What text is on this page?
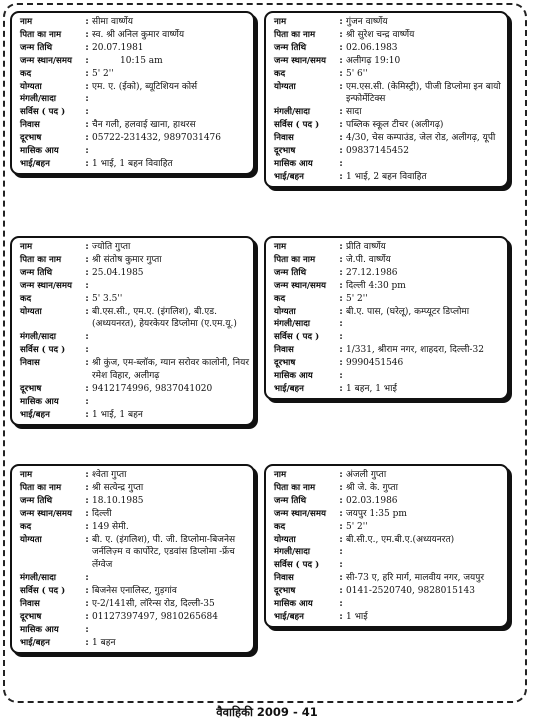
नाम	: सीमा वार्ष्णेय
पिता का नाम	: स्व. श्री अनिल कुमार वार्ष्णेय
जन्म तिथि	: 20.07.1981
जन्म स्थान/समय	:	10:15 am
कद	: 5' 2''
योग्यता	: एम. ए. (ईको), ब्यूटिशियन कोर्स
मंगली/सादा	:
सर्विस ( पद )	:
निवास	: चैन गली, हलवाई खाना, हाथरस
दूरभाष	: 05722-231432, 9897031476
मासिक आय	:
भाई/बहन	: 1 भाई, 1 बहन विवाहित
नाम	: गुंजन वार्ष्णेय
पिता का नाम	: श्री सुरेश चन्द्र वार्ष्णेय
जन्म तिथि	: 02.06.1983
जन्म स्थान/समय	: अलीगढ़ 19:10
कद	: 5' 6''
योग्यता	: एम.एस.सी. (केमिस्ट्री), पीजी डिप्लोमा इन बायो इन्फोर्मेटिक्स
मंगली/सादा	: सादा
सर्विस ( पद )	: पब्लिक स्कूल टीचर (अलीगढ़)
निवास	: 4/30, चेस कम्पाउंड, जेल रोड, अलीगढ़, यूपी
दूरभाष	: 09837145452
मासिक आय	:
भाई/बहन	: 1 भाई, 2 बहन विवाहित
नाम	: ज्योति गुप्ता
पिता का नाम	: श्री संतोष कुमार गुप्ता
जन्म तिथि	: 25.04.1985
जन्म स्थान/समय	:
कद	: 5' 3.5''
योग्यता	: बी.एस.सी., एम.ए. (इंगलिश), बी.एड. (अध्ययनरत), हेयरकेयर डिप्लोमा (ए.एम.यू.)
मंगली/सादा	:
सर्विस ( पद )	:
निवास	: श्री कुंज, एम-ब्लॉक, ग्यान सरोवर कालोनी, नियर रमेश विहार, अलीगढ़
दूरभाष	: 9412174996, 9837041020
मासिक आय	:
भाई/बहन	: 1 भाई, 1 बहन
नाम	: प्रीति वार्ष्णेय
पिता का नाम	: जे.पी. वार्ष्णेय
जन्म तिथि	: 27.12.1986
जन्म स्थान/समय	: दिल्ली 4:30 pm
कद	: 5' 2''
योग्यता	: बी.ए. पास, (घरेलू), कम्प्यूटर डिप्लोमा
मंगली/सादा	:
सर्विस ( पद )	:
निवास	: 1/331, श्रीराम नगर, शाहदरा, दिल्ली-32
दूरभाष	: 9990451546
मासिक आय	:
भाई/बहन	: 1 बहन, 1 भाई
नाम	: श्वेता गुप्ता
पिता का नाम	: श्री सत्येन्द्र गुप्ता
जन्म तिथि	: 18.10.1985
जन्म स्थान/समय	: दिल्ली
कद	: 149 सेमी.
योग्यता	: बी. ए. (इंगलिश), पी. जी. डिप्लोमा-बिजनेस जर्नलिज़्म व कार्पोरेट, एडवांस डिप्लोमा -फ्रेंच लेंग्वेज
मंगली/सादा	:
सर्विस ( पद )	: बिजनेस एनालिस्ट, गुड़गांव
निवास	: ए-2/141सी, लॉरेन्स रोड, दिल्ली-35
दूरभाष	: 01127397497, 9810265684
मासिक आय	:
भाई/बहन	: 1 बहन
नाम	: अंजली गुप्ता
पिता का नाम	: श्री जे. के. गुप्ता
जन्म तिथि	: 02.03.1986
जन्म स्थान/समय	: जयपुर 1:35 pm
कद	: 5' 2''
योग्यता	: बी.सी.ए., एम.बी.ए.(अध्ययनरत)
मंगली/सादा	:
सर्विस ( पद )	:
निवास	: सी-73 ए, हरि मार्ग, मालवीय नगर, जयपुर
दूरभाष	: 0141-2520740, 9828015143
मासिक आय	:
भाई/बहन	: 1 भाई
वैवाहिकी 2009 - 41
